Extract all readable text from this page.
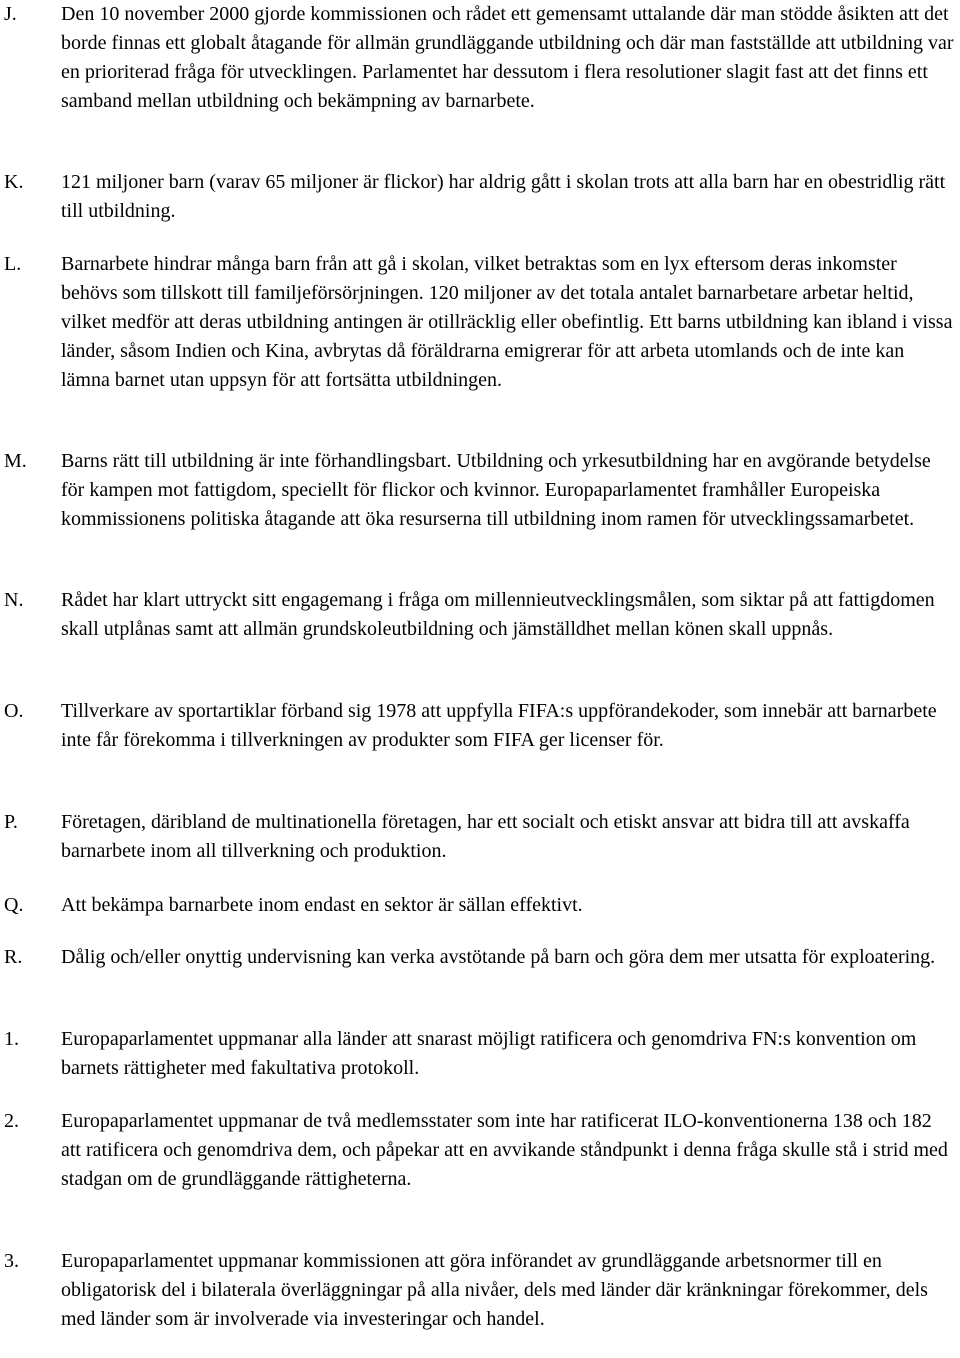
J. Den 10 november 2000 gjorde kommissionen och rådet ett gemensamt uttalande där man stödde åsikten att det borde finnas ett globalt åtagande för allmän grundläggande utbildning och där man fastställde att utbildning var en prioriterad fråga för utvecklingen. Parlamentet har dessutom i flera resolutioner slagit fast att det finns ett samband mellan utbildning och bekämpning av barnarbete.

K. 121 miljoner barn (varav 65 miljoner är flickor) har aldrig gått i skolan trots att alla barn har en obestridlig rätt till utbildning.

L. Barnarbete hindrar många barn från att gå i skolan, vilket betraktas som en lyx eftersom deras inkomster behövs som tillskott till familjeförsörjningen. 120 miljoner av det totala antalet barnarbetare arbetar heltid, vilket medför att deras utbildning antingen är otillräcklig eller obefintlig. Ett barns utbildning kan ibland i vissa länder, såsom Indien och Kina, avbrytas då föräldrarna emigrerar för att arbeta utomlands och de inte kan lämna barnet utan uppsyn för att fortsätta utbildningen.

M. Barns rätt till utbildning är inte förhandlingsbart. Utbildning och yrkesutbildning har en avgörande betydelse för kampen mot fattigdom, speciellt för flickor och kvinnor. Europaparlamentet framhåller Europeiska kommissionens politiska åtagande att öka resurserna till utbildning inom ramen för utvecklingssamarbetet.

N. Rådet har klart uttryckt sitt engagemang i fråga om millennieutvecklingsmålen, som siktar på att fattigdomen skall utplånas samt att allmän grundskoleutbildning och jämställdhet mellan könen skall uppnås.

O. Tillverkare av sportartiklar förband sig 1978 att uppfylla FIFA:s uppförandekoder, som innebär att barnarbete inte får förekomma i tillverkningen av produkter som FIFA ger licenser för.

P. Företagen, däribland de multinationella företagen, har ett socialt och etiskt ansvar att bidra till att avskaffa barnarbete inom all tillverkning och produktion.

Q. Att bekämpa barnarbete inom endast en sektor är sällan effektivt.

R. Dålig och/eller onyttig undervisning kan verka avstötande på barn och göra dem mer utsatta för exploatering.

1. Europaparlamentet uppmanar alla länder att snarast möjligt ratificera och genomdriva FN:s konvention om barnets rättigheter med fakultativa protokoll.

2. Europaparlamentet uppmanar de två medlemsstater som inte har ratificerat ILO-konventionerna 138 och 182 att ratificera och genomdriva dem, och påpekar att en avvikande ståndpunkt i denna fråga skulle stå i strid med stadgan om de grundläggande rättigheterna.

3. Europaparlamentet uppmanar kommissionen att göra införandet av grundläggande arbetsnormer till en obligatorisk del i bilaterala överläggningar på alla nivåer, dels med länder där kränkningar förekommer, dels med länder som är involverade via investeringar och handel.
